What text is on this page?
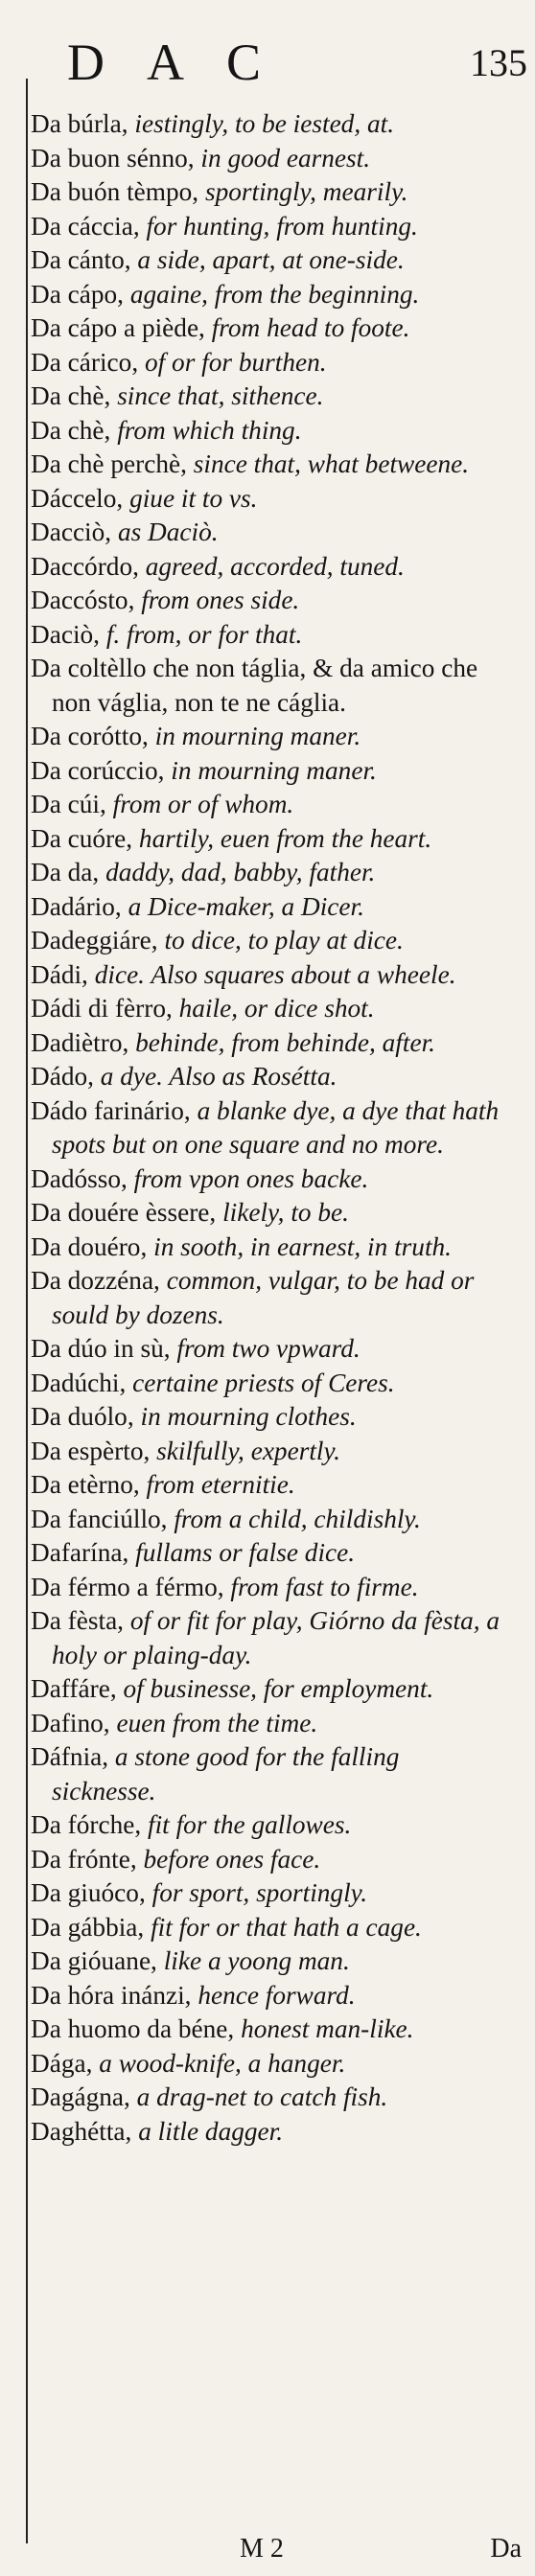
DAC	135

Da búrla, iestingly, to be iested, at.

Da buon sénno, in good earnest.

Da buón tèmpo, sportingly, mearily.

Da cáccia, for hunting, from hunting.

Da cánto, a side, apart, at one-side.

Da cápo, againe, from the beginning.

Da cápo a piède, from head to foote.

Da cárico, of or for burthen.

Da chè, since that, sithence.

Da chè, from which thing.

Da chè perchè, since that, what betweene.

Dáccelo, giue it to vs.

Dacciò, as Daciò.

Daccórdo, agreed, accorded, tuned.

Daccósto, from ones side.

Daciò, f. from, or for that.

Da coltèllo che non táglia, & da amico che non váglia, non te ne cáglia.

Da corótto, in mourning maner.

Da corúccio, in mourning maner.

Da cúi, from or of whom.

Da cuóre, hartily, euen from the heart.

Da da, daddy, dad, babby, father.

Dadário, a Dice-maker, a Dicer.

Dadeggiáre, to dice, to play at dice.

Dádi, dice. Also squares about a wheele.

Dádi di fèrro, haile, or dice shot.

Dadiètro, behinde, from behinde, after.

Dádo, a dye. Also as Rosétta.

Dádo farinário, a blanke dye, a dye that hath spots but on one square and no more.

Dadósso, from vpon ones backe.

Da douére èssere, likely, to be.

Da douéro, in sooth, in earnest, in truth.

Da dozzéna, common, vulgar, to be had or sould by dozens.

Da dúo in sù, from two vpward.

Dadúchi, certaine priests of Ceres.

Da duólo, in mourning clothes.

Da espèrto, skilfully, expertly.

Da etèrno, from eternitie.

Da fanciúllo, from a child, childishly.

Dafarína, fullams or false dice.

Da férmo a férmo, from fast to firme.

Da fèsta, of or fit for play, Giórno da fèsta, a holy or plaing-day.

Daffáre, of businesse, for employment.

Dafino, euen from the time.

Dáfnia, a stone good for the falling sicknesse.

Da fórche, fit for the gallowes.

Da frónte, before ones face.

Da giuóco, for sport, sportingly.

Da gábbia, fit for or that hath a cage.

Da gióuane, like a yoong man.

Da hóra inánzi, hence forward.

Da huomo da béne, honest man-like.

Dága, a wood-knife, a hanger.

Dagágna, a drag-net to catch fish.

Daghétta, a litle dagger.

M 2	Da
